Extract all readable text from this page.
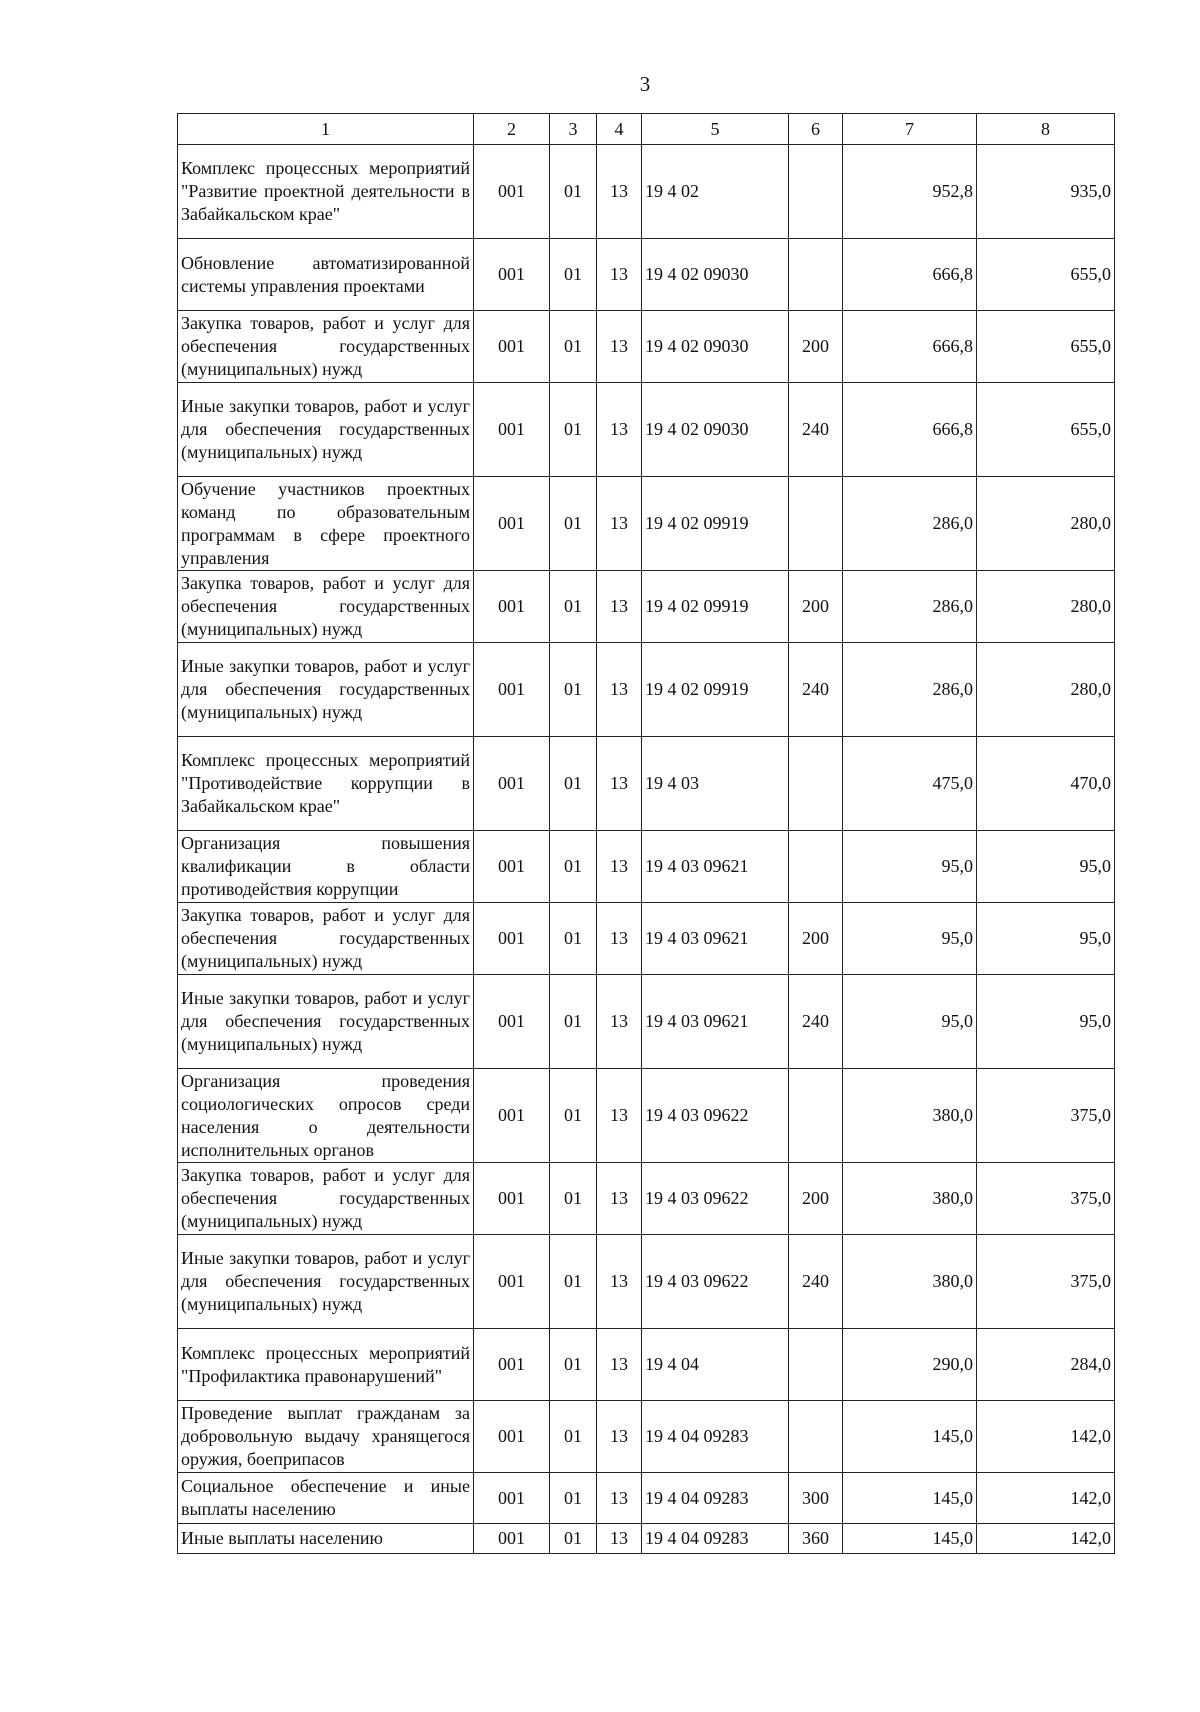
3
1	2	3	4	5	6	7	8
Комплекс процессных мероприятий "Развитие проектной деятельности в Забайкальском крае"	001	01	13	19 4 02		952,8	935,0
Обновление автоматизированной системы управления проектами	001	01	13	19 4 02 09030		666,8	655,0
Закупка товаров, работ и услуг для обеспечения государственных (муниципальных) нужд	001	01	13	19 4 02 09030	200	666,8	655,0
Иные закупки товаров, работ и услуг для обеспечения государственных (муниципальных) нужд	001	01	13	19 4 02 09030	240	666,8	655,0
Обучение участников проектных команд по образовательным программам в сфере проектного управления	001	01	13	19 4 02 09919		286,0	280,0
Закупка товаров, работ и услуг для обеспечения государственных (муниципальных) нужд	001	01	13	19 4 02 09919	200	286,0	280,0
Иные закупки товаров, работ и услуг для обеспечения государственных (муниципальных) нужд	001	01	13	19 4 02 09919	240	286,0	280,0
Комплекс процессных мероприятий "Противодействие коррупции в Забайкальском крае"	001	01	13	19 4 03		475,0	470,0
Организация повышения квалификации в области противодействия коррупции	001	01	13	19 4 03 09621		95,0	95,0
Закупка товаров, работ и услуг для обеспечения государственных (муниципальных) нужд	001	01	13	19 4 03 09621	200	95,0	95,0
Иные закупки товаров, работ и услуг для обеспечения государственных (муниципальных) нужд	001	01	13	19 4 03 09621	240	95,0	95,0
Организация проведения социологических опросов среди населения о деятельности исполнительных органов	001	01	13	19 4 03 09622		380,0	375,0
Закупка товаров, работ и услуг для обеспечения государственных (муниципальных) нужд	001	01	13	19 4 03 09622	200	380,0	375,0
Иные закупки товаров, работ и услуг для обеспечения государственных (муниципальных) нужд	001	01	13	19 4 03 09622	240	380,0	375,0
Комплекс процессных мероприятий "Профилактика правонарушений"	001	01	13	19 4 04		290,0	284,0
Проведение выплат гражданам за добровольную выдачу хранящегося оружия, боеприпасов	001	01	13	19 4 04 09283		145,0	142,0
Социальное обеспечение и иные выплаты населению	001	01	13	19 4 04 09283	300	145,0	142,0
Иные выплаты населению	001	01	13	19 4 04 09283	360	145,0	142,0
